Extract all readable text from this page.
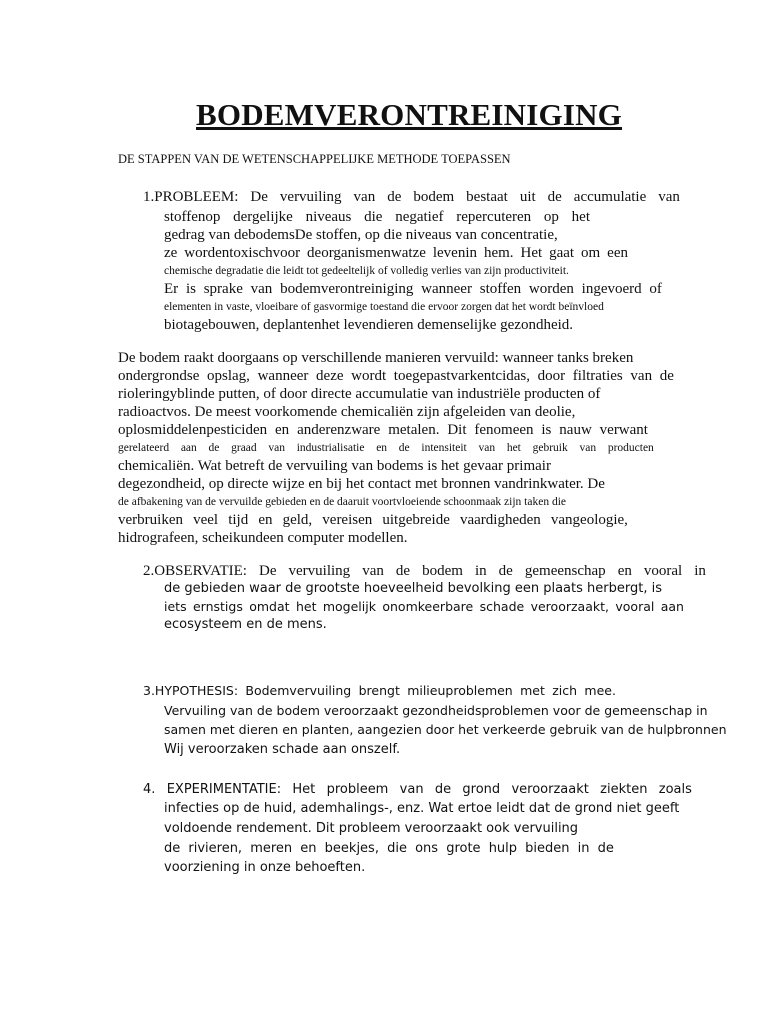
BODEMVERONTREINIGING
DE STAPPEN VAN DE WETENSCHAPPELIJKE METHODE TOEPASSEN
1.PROBLEEM: De vervuiling van de bodem bestaat uit de accumulatie van
stoffenop dergelijke niveaus die negatief repercuteren op het
gedrag van debodemsDe stoffen, op die niveaus van concentratie,
ze wordentoxischvoor deorganismenwatze levenin hem. Het gaat om een
chemische degradatie die leidt tot gedeeltelijk of volledig verlies van zijn productiviteit.
Er is sprake van bodemverontreiniging wanneer stoffen worden ingevoerd of
elementen in vaste, vloeibare of gasvormige toestand die ervoor zorgen dat het wordt beïnvloed
biotagebouwen, deplantenhet levendieren demenselijke gezondheid.
De bodem raakt doorgaans op verschillende manieren vervuild: wanneer tanks breken
ondergrondse opslag, wanneer deze wordt toegepastvarkentcidas, door filtraties van de
rioleringyblinde putten, of door directe accumulatie van industriële producten of
radioactvos. De meest voorkomende chemicaliën zijn afgeleiden van deolie,
oplosmiddelenpesticiden en anderenzware metalen. Dit fenomeen is nauw verwant
gerelateerd aan de graad van industrialisatie en de intensiteit van het gebruik van producten
chemicaliën. Wat betreft de vervuiling van bodems is het gevaar primair
degezondheid, op directe wijze en bij het contact met bronnen vandrinkwater. De
de afbakening van de vervuilde gebieden en de daaruit voortvloeiende schoonmaak zijn taken die
verbruiken veel tijd en geld, vereisen uitgebreide vaardigheden vangeologie,
hidrografeen, scheikundeen computer modellen.
2.OBSERVATIE: De vervuiling van de bodem in de gemeenschap en vooral in
de gebieden waar de grootste hoeveelheid bevolking een plaats herbergt, is
iets ernstigs omdat het mogelijk onomkeerbare schade veroorzaakt, vooral aan
ecosysteem en de mens.
3.HYPOTHESIS: Bodemvervuiling brengt milieuproblemen met zich mee.
Vervuiling van de bodem veroorzaakt gezondheidsproblemen voor de gemeenschap in
samen met dieren en planten, aangezien door het verkeerde gebruik van de hulpbronnen
Wij veroorzaken schade aan onszelf.
4. EXPERIMENTATIE: Het probleem van de grond veroorzaakt ziekten zoals
infecties op de huid, ademhalings-, enz. Wat ertoe leidt dat de grond niet geeft
voldoende rendement. Dit probleem veroorzaakt ook vervuiling
de rivieren, meren en beekjes, die ons grote hulp bieden in de
voorziening in onze behoeften.
